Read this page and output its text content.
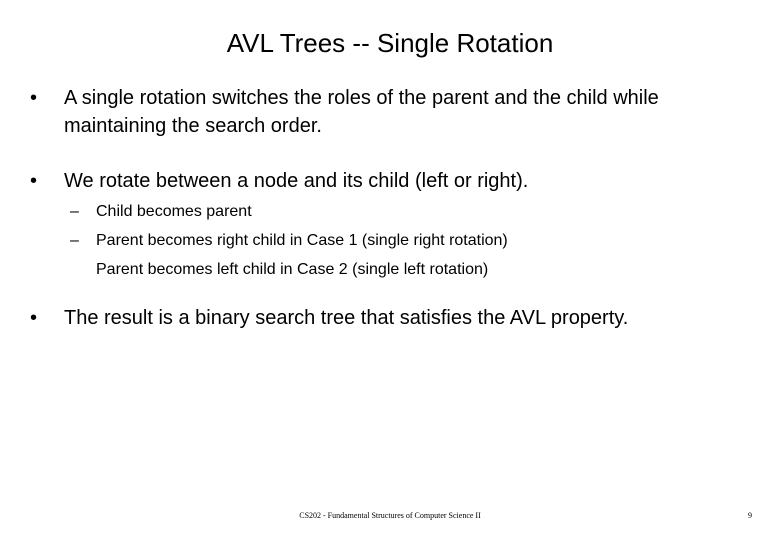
AVL Trees -- Single Rotation
•	A single rotation switches the roles of the parent and the child while maintaining the search order.
•	We rotate between a node and its child (left or right).
–	Child becomes parent
–	Parent becomes right child in Case 1 (single right rotation)
Parent becomes left child in Case 2 (single left rotation)
•	The result is a binary search tree that satisfies the AVL property.
CS202 - Fundamental Structures of Computer Science II	9
